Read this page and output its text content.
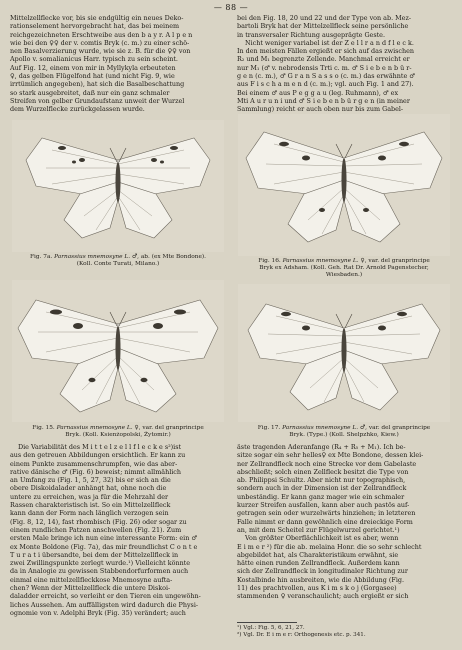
— 88 —

Mittelzellflecke vor, bis sie endgültig ein neues Deko-
rationselement hervorgebracht hat, das bei meinem
reichgezeichneten Erschtweibe aus den b a y r. A l p e n
wie bei den ♀♀ der v. comtis Bryk (c. m.) zu einer schö-
nen Basalverzierung wurde, wie sie z. B. für die ♀♀ von
Apollo v. somalianicus Harr. typisch zu sein scheint.
Auf Fig. 12, einem von mir in Myllykyla erbeuteten
♀, das gelben Flügelfond hat (und nicht Fig. 9, wie
irrtümlich angegeben), hat sich die Basalbeschattung
so stark ausgebreitet, daß nur ein ganz schmaler
Streifen von gelber Grundaufstanz unweit der Wurzel
dem Wurzelflecke zurückgelassen wurde.

bei den Fig. 18, 20 und 22 und der Type von ab. Mez-
bartoli Bryk hat der Mittelzellfleck seine persönliche
in transversaler Richtung ausgeprägte Geste.
Nicht weniger variabel ist der Z e l l r a n d f l e c k.
In den meisten Fällen ergießt er sich auf das zwischen
R₂ und M₁ begrenzte Zellende. Manchmal erreicht er
nur M₁ (♂ v. nebrodensis Trti c. m. ♂ S i e b e n b ü r-
g e n (c. m.), ♂ G r a n S a s s o (c. m.) das erwähnte ♂
aus F i s c h a m e n d (c. m.); vgl. auch Fig. 1 and 27).
Bei einem ♂ aus P e g g a u (leg. Ruhmann), ♂ ex
Mti A u r u n i und ♂ S i e b e n b ü r g e n (in meiner
Sammlung) reicht er auch oben nur bis zum Gabel-

Fig. 7a. Parnassius mnemosyne L. ♂, ab. (ex Mte Bondone).
(Koll. Conte Turati, Milano.)
Fig. 16. Parnassius mnemosyne L. ♀, var. del granprincipe
Bryk ex Adsham. (Koll. Geh. Rat Dr. Arnold Pagenstecher,
Wiesbaden.)
Fig. 15. Parnassius mnemosyne L. ♀, var. del granprincipe
Bryk. (Koll. Ksienżopolski, Żytomir.)
Fig. 17. Parnassius mnemosyne L. ♂, var. del granprincipe
Bryk. (Type.) (Koll. Shelpzhko, Kiew.)

Die Variabilität des M i t t e l z e l l f l e c k e s²)ist

aus den getreuen Abbildungen ersichtlich. Er kann zu
einem Punkte zusammenschrumpfen, wie das aber-
rative dänische ♂ (Fig. 6) beweist; nimmt allmählich
an Umfang zu (Fig. 1, 5, 27, 32) bis er sich an die
obere Diskoidalader anhängt hat, ohne noch die
untere zu erreichen, was ja für die Mehrzahl der
Rassen charakteristisch ist. So ein Mittelzellfleck
kann dann der Form nach länglich verzogen sein
(Fig. 8, 12, 14), fast rhombisch (Fig. 26) oder sogar zu
einem rundlichen Patzen anschwellen (Fig. 21). Zum
ersten Male bringe ich nun eine interessante Form: ein ♂
ex Monte Boldone (Fig. 7a), das mir freundlichst C o n t e
T u r a t i übersandte, bei dem der Mittelzellfleck in
zwei Zwillingspunkte zerlegt wurde.¹) Vielleicht könnte
da in Analogie zu gewissen Stabbendorfurformen auch
einmal eine mittelzellfleckkose Mnemosyne aufta-
chen? Wenn der Mittelzellfleck die untere Diskoi-
daladder erreicht, so verleiht er den Tieren ein ungewöhn-
liches Aussehen. Am auffälligsten wird dadurch die Physi-
ognomie von v. Adelphi Bryk (Fig. 35) verändert; auch

äste tragenden Aderanfange (R₄ + R₅ + M₁). Ich be-
sitze sogar ein sehr helles♀ ex Mte Bondone, dessen klei-
ner Zellrandfleck noch eine Strecke vor dem Gabelaste
abschließt; solch einen Zellfleck besitzt die Type von
ab. Philippsi Schultz. Aber nicht nur topographisch,
sondern auch in der Dimension ist der Zellrandfleck
unbeständig. Er kann ganz mager wie ein schmaler
kurzer Streifen ausfallen, kann aber auch pastös auf-
getragen sein oder wurzelwärts hinziehen; in letzteren
Falle nimmt er dann gewöhnlich eine dreieckige Form
an, mit dem Scheitel zur Flügelwurzel gerichtet.¹)
Von größter Oberflächlichkeit ist es aber, wenn
E i m e r ²) für die ab. melaina Honr. die so sehr schlecht
abgebildet hat, als Charakteristikum erwähnt, sie
hätte einen runden Zellrandfleck. Außerdem kann
sich der Zellrandfleck in longitudinaler Richtung zur
Kostalbinde hin ausbreiten, wie die Abbildung (Fig.
11) des prachtvollen, aus K i m s k o j (Gorgasee)
stammenden ♀ veranschaulicht; auch ergießt er sich

¹) Vgl.: Fig. 5, 6, 21, 27.
²) Vgl. Dr. E i m e r: Orthogenesis etc. p. 341.
